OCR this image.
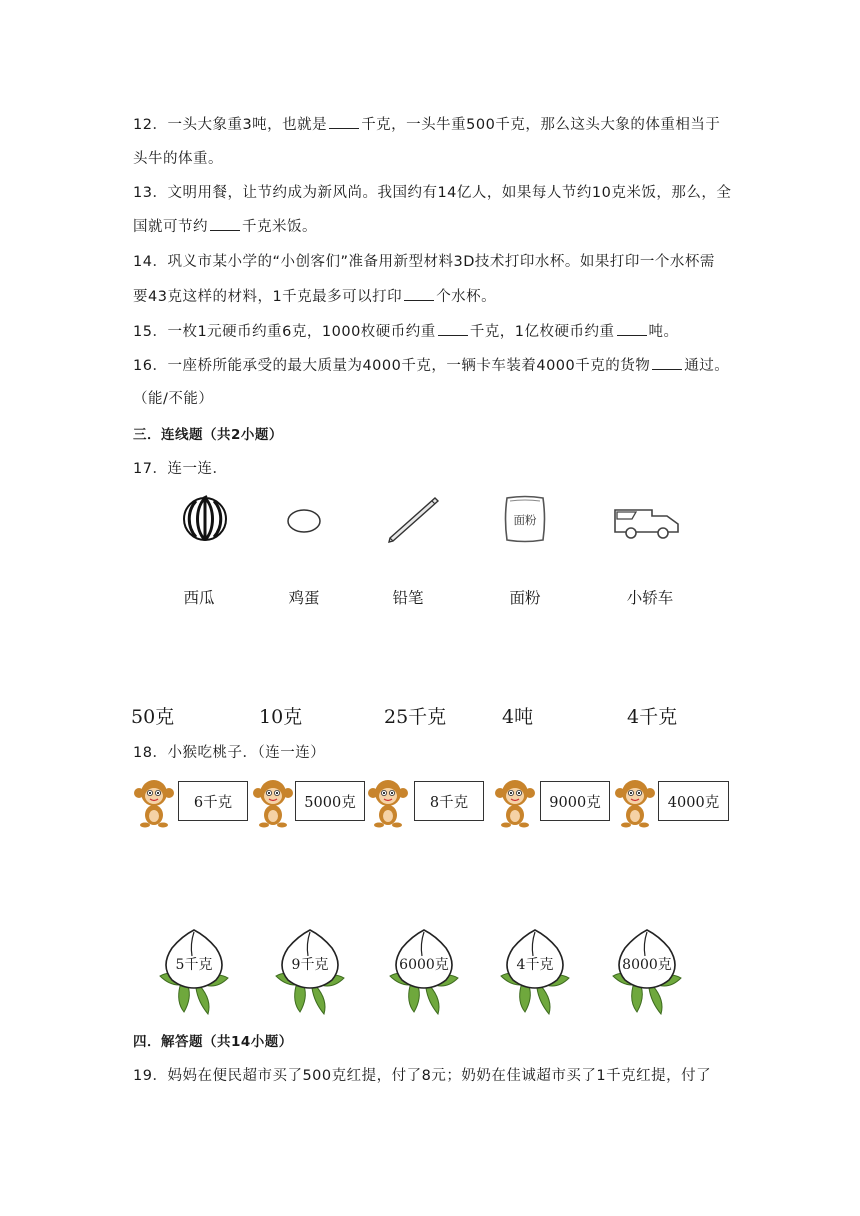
12．一头大象重3吨，也就是 千克，一头牛重500千克，那么这头大象的体重相当于
头牛的体重。
13．文明用餐，让节约成为新风尚。我国约有14亿人，如果每人节约10克米饭，那么，全
国就可节约 千克米饭。
14．巩义市某小学的“小创客们”准备用新型材料3D技术打印水杯。如果打印一个水杯需
要43克这样的材料，1千克最多可以打印 个水杯。
15．一枚1元硬币约重6克，1000枚硬币约重 千克，1亿枚硬币约重 吨。
16．一座桥所能承受的最大质量为4000千克，一辆卡车装着4000千克的货物 通过。
（能/不能）
三．连线题（共2小题）
17．连一连．
面粉
西瓜	鸡蛋	铅笔	面粉	小轿车
50克	10克	25千克	4吨	4千克
18．小猴吃桃子．（连一连）
6千克	5000克	8千克	9000克	4000克
5千克	9千克	6000克	4千克	8000克
四．解答题（共14小题）
19．妈妈在便民超市买了500克红提，付了8元；奶奶在佳诚超市买了1千克红提，付了
